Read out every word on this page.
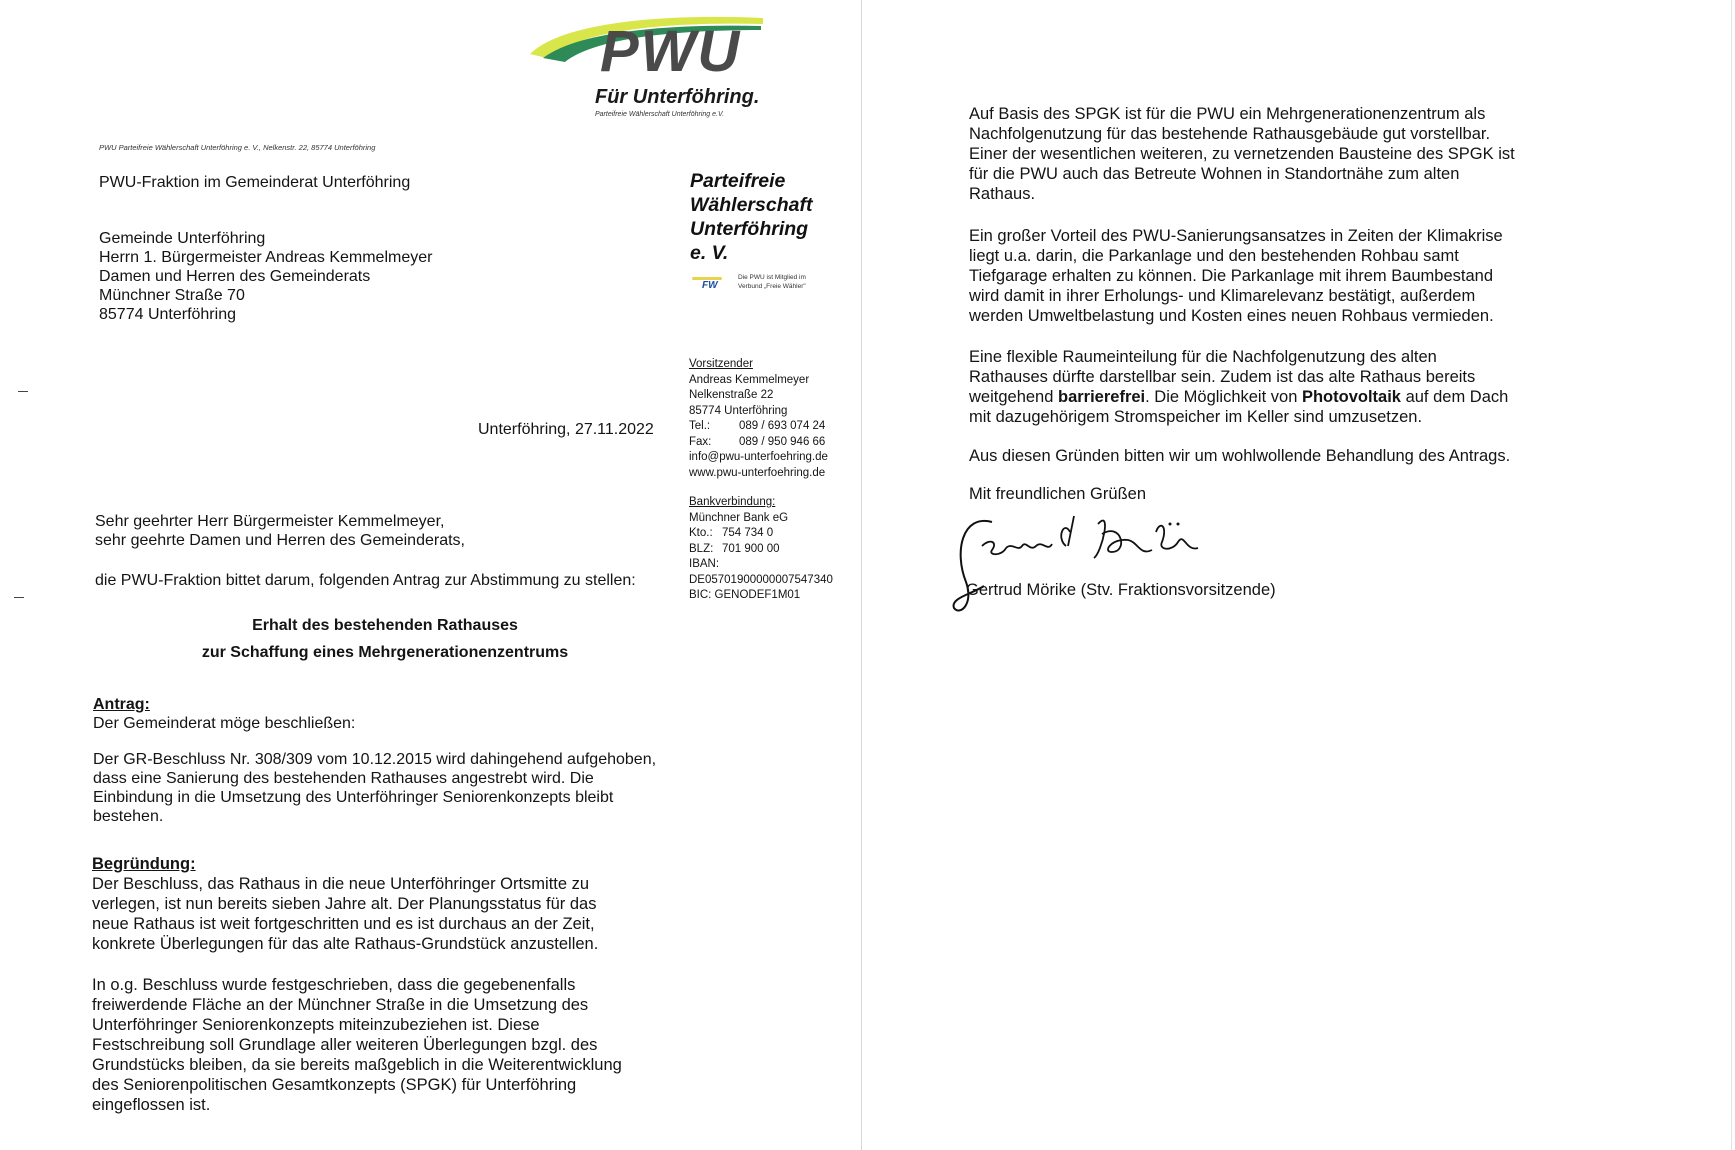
PWU
Für Unterföhring.
Parteifreie Wählerschaft Unterföhring e.V.
PWU Parteifreie Wählerschaft Unterföhring e. V., Nelkenstr. 22, 85774 Unterföhring
PWU-Fraktion im Gemeinderat Unterföhring
Gemeinde Unterföhring
Herrn 1. Bürgermeister Andreas Kemmelmeyer
Damen und Herren des Gemeinderats
Münchner Straße 70
85774 Unterföhring
Unterföhring, 27.11.2022
Parteifreie
Wählerschaft
Unterföhring
e. V.
FW
Die PWU ist Mitglied im
Verbund „Freie Wähler"
Vorsitzender
Andreas Kemmelmeyer
Nelkenstraße 22
85774 Unterföhring
Tel.:	089 / 693 074 24
Fax: 089 / 950 946 66
info@pwu-unterfoehring.de
www.pwu-unterfoehring.de
Bankverbindung:
Münchner Bank eG
Kto.: 754 734 0
BLZ: 701 900 00
IBAN:
DE05701900000007547340
BIC: GENODEF1M01
Sehr geehrter Herr Bürgermeister Kemmelmeyer,
sehr geehrte Damen und Herren des Gemeinderats,
die PWU-Fraktion bittet darum, folgenden Antrag zur Abstimmung zu stellen:
Erhalt des bestehenden Rathauses
zur Schaffung eines Mehrgenerationenzentrums
Antrag:
Der Gemeinderat möge beschließen:
Der GR-Beschluss Nr. 308/309 vom 10.12.2015 wird dahingehend aufgehoben,
dass eine Sanierung des bestehenden Rathauses angestrebt wird. Die
Einbindung in die Umsetzung des Unterföhringer Seniorenkonzepts bleibt
bestehen.
Begründung:
Der Beschluss, das Rathaus in die neue Unterföhringer Ortsmitte zu
verlegen, ist nun bereits sieben Jahre alt. Der Planungsstatus für das
neue Rathaus ist weit fortgeschritten und es ist durchaus an der Zeit,
konkrete Überlegungen für das alte Rathaus-Grundstück anzustellen.
In o.g. Beschluss wurde festgeschrieben, dass die gegebenenfalls
freiwerdende Fläche an der Münchner Straße in die Umsetzung des
Unterföhringer Seniorenkonzepts miteinzubeziehen ist. Diese
Festschreibung soll Grundlage aller weiteren Überlegungen bzgl. des
Grundstücks bleiben, da sie bereits maßgeblich in die Weiterentwicklung
des Seniorenpolitischen Gesamtkonzepts (SPGK) für Unterföhring
eingeflossen ist.
Auf Basis des SPGK ist für die PWU ein Mehrgenerationenzentrum als
Nachfolgenutzung für das bestehende Rathausgebäude gut vorstellbar.
Einer der wesentlichen weiteren, zu vernetzenden Bausteine des SPGK ist
für die PWU auch das Betreute Wohnen in Standortnähe zum alten
Rathaus.
Ein großer Vorteil des PWU-Sanierungsansatzes in Zeiten der Klimakrise
liegt u.a. darin, die Parkanlage und den bestehenden Rohbau samt
Tiefgarage erhalten zu können. Die Parkanlage mit ihrem Baumbestand
wird damit in ihrer Erholungs- und Klimarelevanz bestätigt, außerdem
werden Umweltbelastung und Kosten eines neuen Rohbaus vermieden.
Eine flexible Raumeinteilung für die Nachfolgenutzung des alten
Rathauses dürfte darstellbar sein. Zudem ist das alte Rathaus bereits
weitgehend barrierefrei. Die Möglichkeit von Photovoltaik auf dem Dach
mit dazugehörigem Stromspeicher im Keller sind umzusetzen.
Aus diesen Gründen bitten wir um wohlwollende Behandlung des Antrags.
Mit freundlichen Grüßen
Gertrud Mörike (Stv. Fraktionsvorsitzende)
